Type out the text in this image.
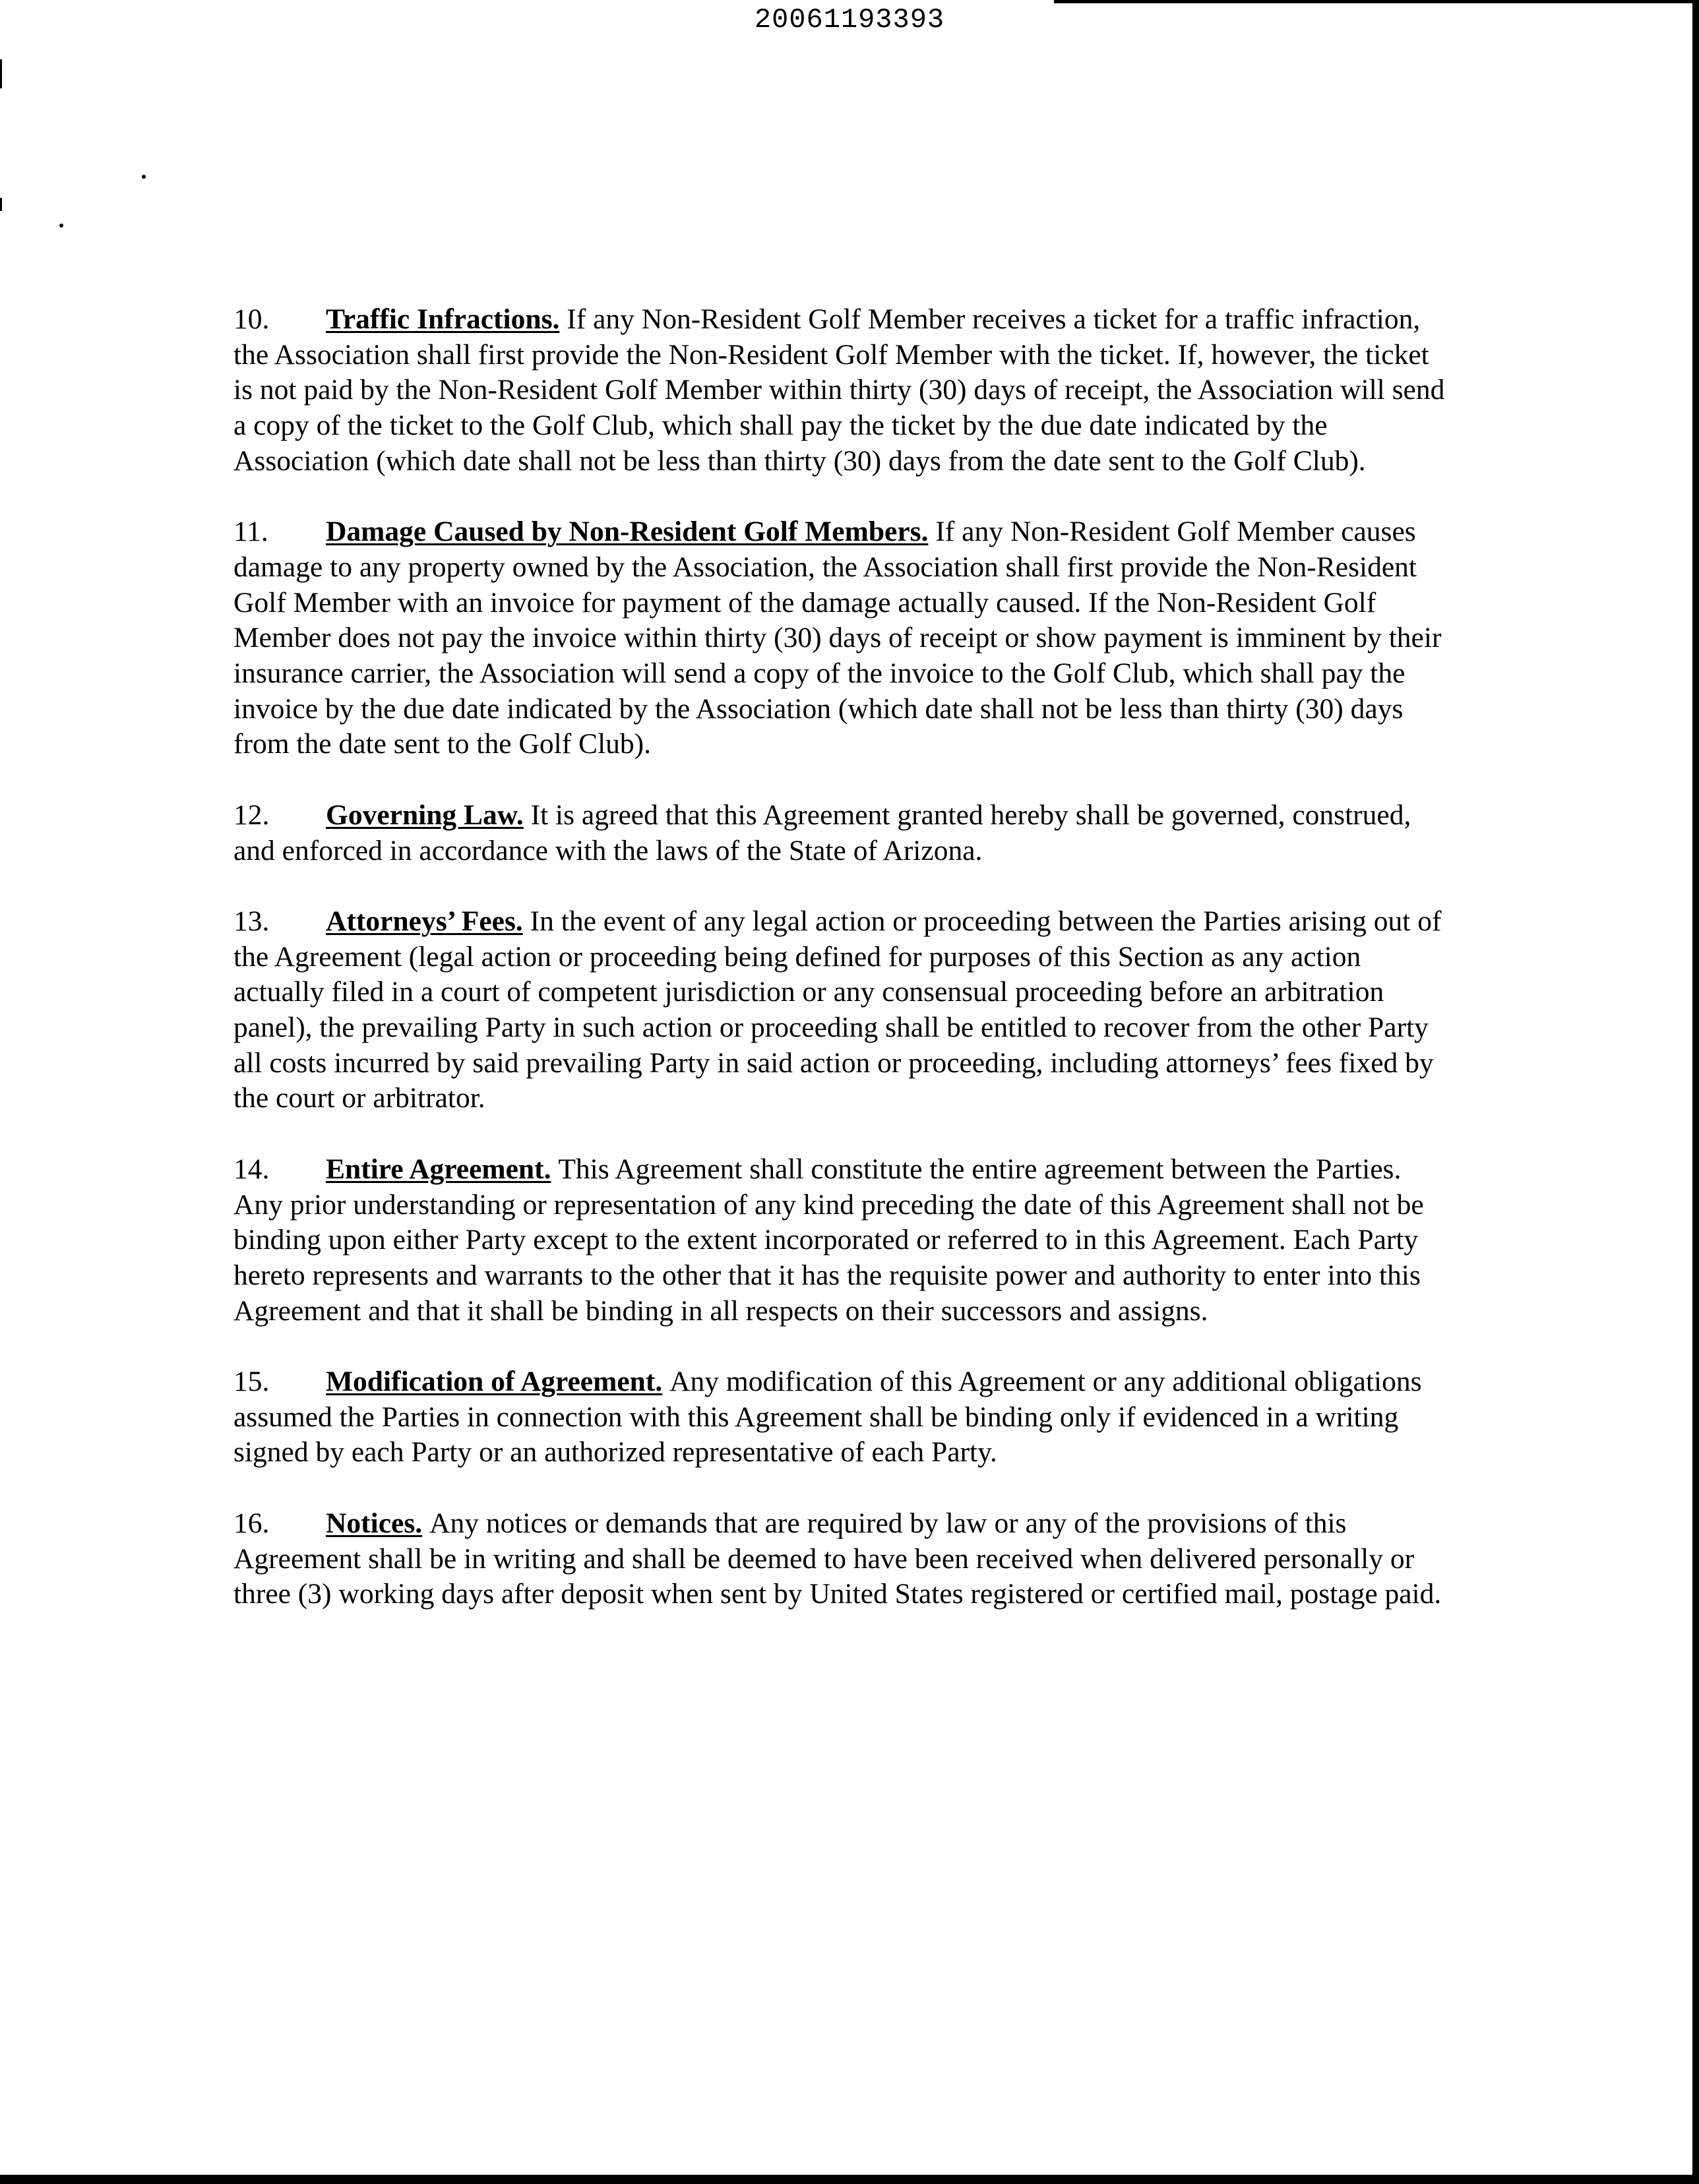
20061193393

10. Traffic Infractions. If any Non-Resident Golf Member receives a ticket for a traffic infraction, the Association shall first provide the Non-Resident Golf Member with the ticket. If, however, the ticket is not paid by the Non-Resident Golf Member within thirty (30) days of receipt, the Association will send a copy of the ticket to the Golf Club, which shall pay the ticket by the due date indicated by the Association (which date shall not be less than thirty (30) days from the date sent to the Golf Club).

11. Damage Caused by Non-Resident Golf Members. If any Non-Resident Golf Member causes damage to any property owned by the Association, the Association shall first provide the Non-Resident Golf Member with an invoice for payment of the damage actually caused. If the Non-Resident Golf Member does not pay the invoice within thirty (30) days of receipt or show payment is imminent by their insurance carrier, the Association will send a copy of the invoice to the Golf Club, which shall pay the invoice by the due date indicated by the Association (which date shall not be less than thirty (30) days from the date sent to the Golf Club).

12. Governing Law. It is agreed that this Agreement granted hereby shall be governed, construed, and enforced in accordance with the laws of the State of Arizona.

13. Attorneys’ Fees. In the event of any legal action or proceeding between the Parties arising out of the Agreement (legal action or proceeding being defined for purposes of this Section as any action actually filed in a court of competent jurisdiction or any consensual proceeding before an arbitration panel), the prevailing Party in such action or proceeding shall be entitled to recover from the other Party all costs incurred by said prevailing Party in said action or proceeding, including attorneys’ fees fixed by the court or arbitrator.

14. Entire Agreement. This Agreement shall constitute the entire agreement between the Parties. Any prior understanding or representation of any kind preceding the date of this Agreement shall not be binding upon either Party except to the extent incorporated or referred to in this Agreement. Each Party hereto represents and warrants to the other that it has the requisite power and authority to enter into this Agreement and that it shall be binding in all respects on their successors and assigns.

15. Modification of Agreement. Any modification of this Agreement or any additional obligations assumed the Parties in connection with this Agreement shall be binding only if evidenced in a writing signed by each Party or an authorized representative of each Party.

16. Notices. Any notices or demands that are required by law or any of the provisions of this Agreement shall be in writing and shall be deemed to have been received when delivered personally or three (3) working days after deposit when sent by United States registered or certified mail, postage paid.
